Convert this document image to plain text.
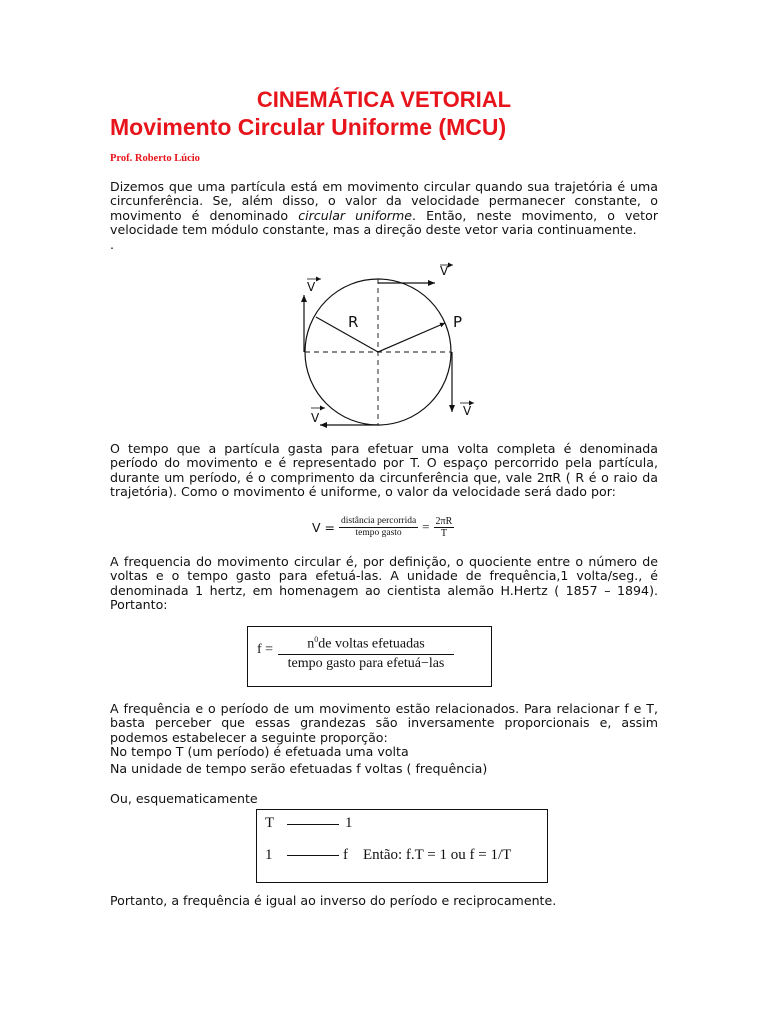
CINEMÁTICA VETORIAL
Movimento Circular Uniforme (MCU)
Prof. Roberto Lúcio

Dizemos que uma partícula está em movimento circular quando sua trajetória é uma circunferência. Se, além disso, o valor da velocidade permanecer constante, o movimento é denominado circular uniforme. Então, neste movimento, o vetor velocidade tem módulo constante, mas a direção deste vetor varia continuamente.

.

R	P
V
V
V
V

O tempo que a partícula gasta para efetuar uma volta completa é denominada período do movimento e é representado por T. O espaço percorrido pela partícula, durante um período, é o comprimento da circunferência que, vale 2πR ( R é o raio da trajetória). Como o movimento é uniforme, o valor da velocidade será dado por:

V = distância percorrida
tempo gasto = $\frac{2\pi R}{T}$

A frequencia do movimento circular é, por definição, o quociente entre o número de voltas e o tempo gasto para efetuá-las. A unidade de frequência,1 volta/seg., é denominada 1 hertz, em homenagem ao cientista alemão H.Hertz ( 1857 – 1894). Portanto:

f =	$n^0de$ voltas efetuadas
tempo gasto para efetuá−las

A frequência e o período de um movimento estão relacionados. Para relacionar f e T, basta perceber que essas grandezas são inversamente proporcionais e, assim podemos estabelecer a seguinte proporção:

No tempo T (um período) é efetuada uma volta
Na unidade de tempo serão efetuadas f voltas ( frequência)
Ou, esquematicamente
T	1
1	f Então: f.T = 1 ou f = 1/T
Portanto, a frequência é igual ao inverso do período e reciprocamente.
